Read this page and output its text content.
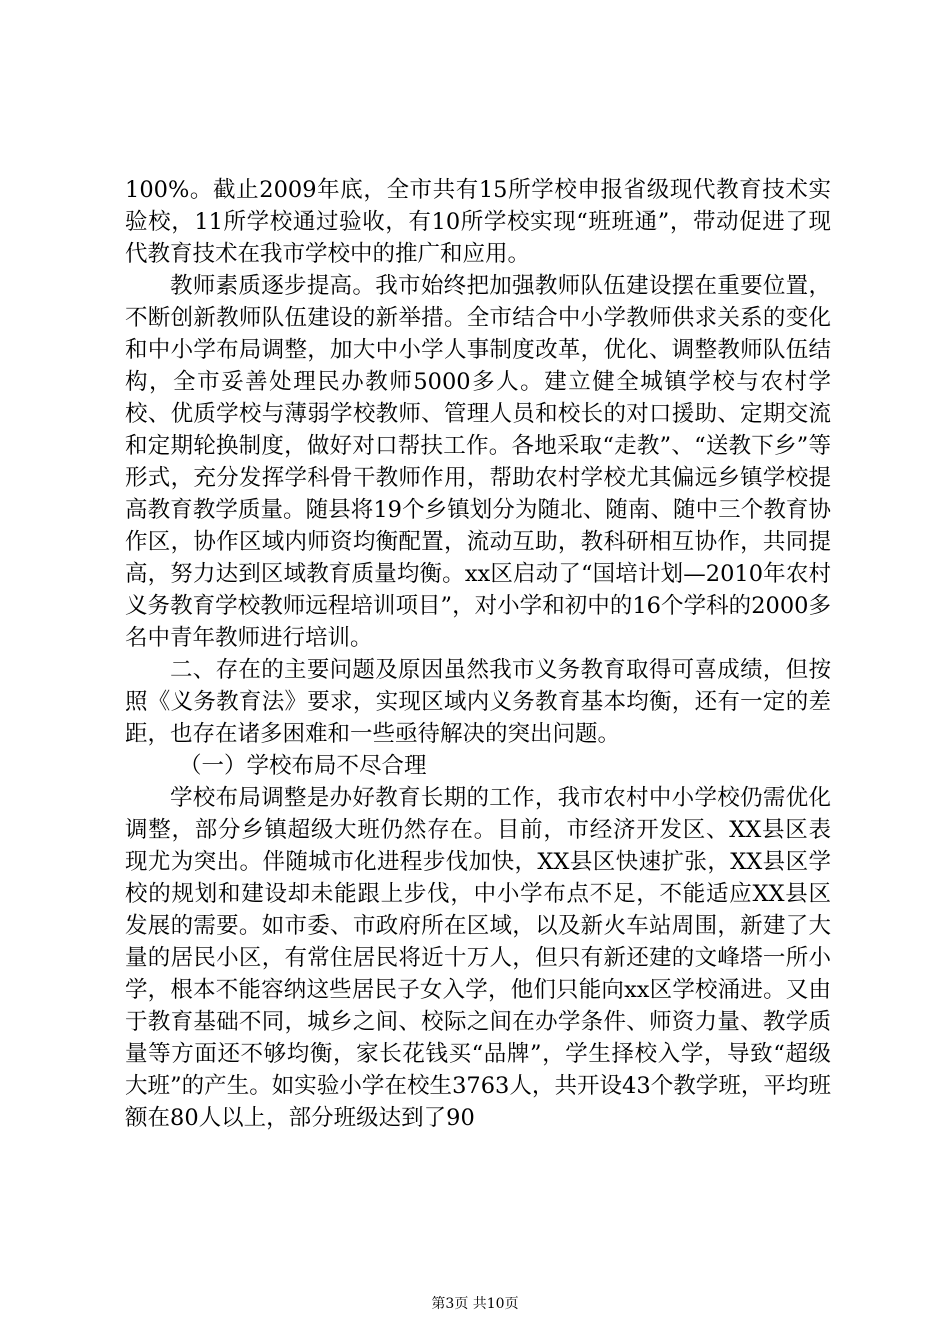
100%。截止2009年底，全市共有15所学校申报省级现代教育技术实验校，11所学校通过验收，有10所学校实现“班班通”，带动促进了现代教育技术在我市学校中的推广和应用。

教师素质逐步提高。我市始终把加强教师队伍建设摆在重要位置，不断创新教师队伍建设的新举措。全市结合中小学教师供求关系的变化和中小学布局调整，加大中小学人事制度改革，优化、调整教师队伍结构，全市妥善处理民办教师5000多人。建立健全城镇学校与农村学校、优质学校与薄弱学校教师、管理人员和校长的对口援助、定期交流和定期轮换制度，做好对口帮扶工作。各地采取“走教”、“送教下乡”等形式，充分发挥学科骨干教师作用，帮助农村学校尤其偏远乡镇学校提高教育教学质量。随县将19个乡镇划分为随北、随南、随中三个教育协作区，协作区域内师资均衡配置，流动互助，教科研相互协作，共同提高，努力达到区域教育质量均衡。xx区启动了“国培计划—2010年农村义务教育学校教师远程培训项目”，对小学和初中的16个学科的2000多名中青年教师进行培训。

二、存在的主要问题及原因虽然我市义务教育取得可喜成绩，但按照《义务教育法》要求，实现区域内义务教育基本均衡，还有一定的差距，也存在诸多困难和一些亟待解决的突出问题。

（一）学校布局不尽合理

学校布局调整是办好教育长期的工作，我市农村中小学校仍需优化调整，部分乡镇超级大班仍然存在。目前，市经济开发区、XX县区表现尤为突出。伴随城市化进程步伐加快，XX县区快速扩张，XX县区学校的规划和建设却未能跟上步伐，中小学布点不足，不能适应XX县区发展的需要。如市委、市政府所在区域，以及新火车站周围，新建了大量的居民小区，有常住居民将近十万人，但只有新还建的文峰塔一所小学，根本不能容纳这些居民子女入学，他们只能向xx区学校涌进。又由于教育基础不同，城乡之间、校际之间在办学条件、师资力量、教学质量等方面还不够均衡，家长花钱买“品牌”，学生择校入学，导致“超级大班”的产生。如实验小学在校生3763人，共开设43个教学班，平均班额在80人以上，部分班级达到了90

第3页 共10页
